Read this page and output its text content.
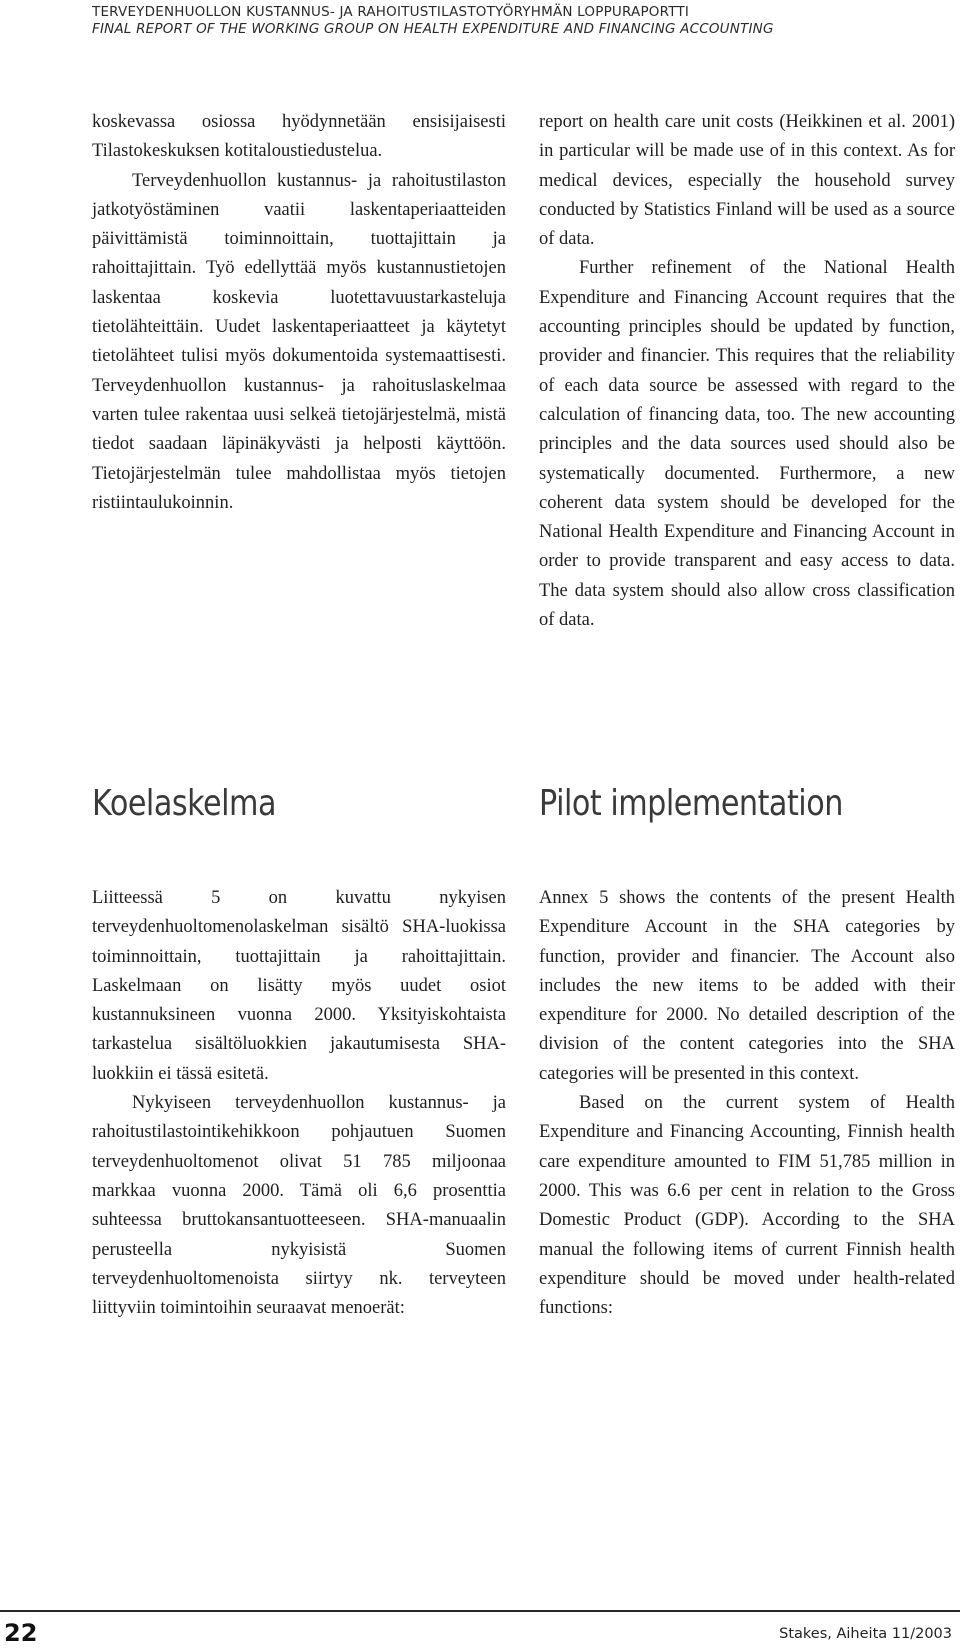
TERVEYDENHUOLLON KUSTANNUS- JA RAHOITUSTILASTOTYÖRYHMÄN LOPPURAPORTTI
FINAL REPORT OF THE WORKING GROUP ON HEALTH EXPENDITURE AND FINANCING ACCOUNTING

koskevassa osiossa hyödynnetään ensisijaisesti Tilastokeskuksen kotitaloustiedustelua.

Terveydenhuollon kustannus- ja rahoitustilaston jatkotyöstäminen vaatii laskentaperiaatteiden päivittämistä toiminnoittain, tuottajittain ja rahoittajittain. Työ edellyttää myös kustannustietojen laskentaa koskevia luotettavuustarkasteluja tietolähteittäin. Uudet laskentaperiaatteet ja käytetyt tietolähteet tulisi myös dokumentoida systemaattisesti. Terveydenhuollon kustannus- ja rahoituslaskelmaa varten tulee rakentaa uusi selkeä tietojärjestelmä, mistä tiedot saadaan läpinäkyvästi ja helposti käyttöön. Tietojärjestelmän tulee mahdollistaa myös tietojen ristiintaulukoinnin.

report on health care unit costs (Heikkinen et al. 2001) in particular will be made use of in this context. As for medical devices, especially the household survey conducted by Statistics Finland will be used as a source of data.

Further refinement of the National Health Expenditure and Financing Account requires that the accounting principles should be updated by function, provider and financier. This requires that the reliability of each data source be assessed with regard to the calculation of financing data, too. The new accounting principles and the data sources used should also be systematically documented. Furthermore, a new coherent data system should be developed for the National Health Expenditure and Financing Account in order to provide transparent and easy access to data. The data system should also allow cross classification of data.

Koelaskelma	Pilot implementation

Liitteessä 5 on kuvattu nykyisen terveydenhuoltomenolaskelman sisältö SHA-luokissa toiminnoittain, tuottajittain ja rahoittajittain. Laskelmaan on lisätty myös uudet osiot kustannuksineen vuonna 2000. Yksityiskohtaista tarkastelua sisältöluokkien jakautumisesta SHA-luokkiin ei tässä esitetä.

Nykyiseen terveydenhuollon kustannus- ja rahoitustilastointikehikkoon pohjautuen Suomen terveydenhuoltomenot olivat 51 785 miljoonaa markkaa vuonna 2000. Tämä oli 6,6 prosenttia suhteessa bruttokansantuotteeseen. SHA-manuaalin perusteella nykyisistä Suomen terveydenhuoltomenoista siirtyy nk. terveyteen liittyviin toimintoihin seuraavat menoerät:

Annex 5 shows the contents of the present Health Expenditure Account in the SHA categories by function, provider and financier. The Account also includes the new items to be added with their expenditure for 2000. No detailed description of the division of the content categories into the SHA categories will be presented in this context.

Based on the current system of Health Expenditure and Financing Accounting, Finnish health care expenditure amounted to FIM 51,785 million in 2000. This was 6.6 per cent in relation to the Gross Domestic Product (GDP). According to the SHA manual the following items of current Finnish health expenditure should be moved under health-related functions:

22	Stakes, Aiheita 11/2003
